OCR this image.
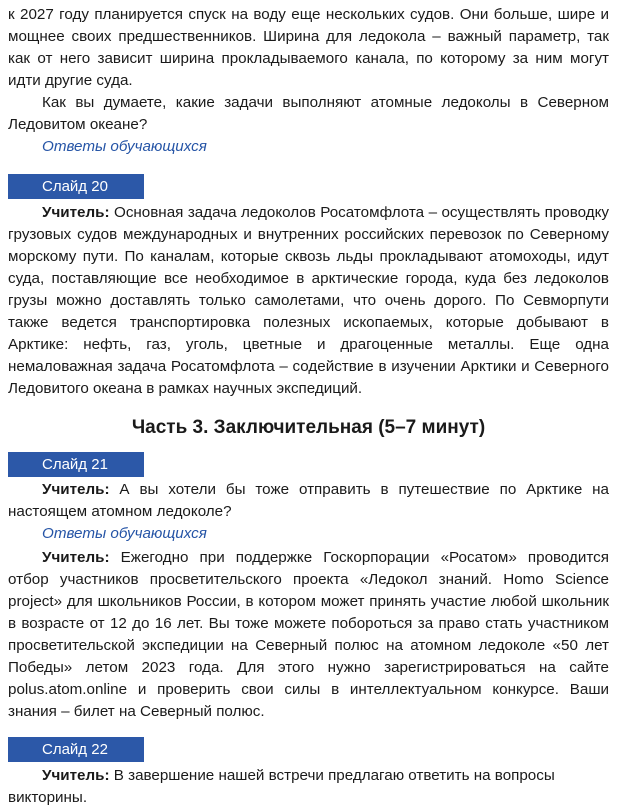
к 2027 году планируется спуск на воду еще нескольких судов. Они больше, шире и мощнее своих предшественников. Ширина для ледокола – важный параметр, так как от него зависит ширина прокладываемого канала, по которому за ним могут идти другие суда.

Как вы думаете, какие задачи выполняют атомные ледоколы в Северном Ледовитом океане?

Ответы обучающихся

Слайд 20

Учитель: Основная задача ледоколов Росатомфлота – осуществлять проводку грузовых судов международных и внутренних российских перевозок по Северному морскому пути. По каналам, которые сквозь льды прокладывают атомоходы, идут суда, поставляющие все необходимое в арктические города, куда без ледоколов грузы можно доставлять только самолетами, что очень дорого. По Севморпути также ведется транспортировка полезных ископаемых, которые добывают в Арктике: нефть, газ, уголь, цветные и драгоценные металлы. Еще одна немаловажная задача Росатомфлота – содействие в изучении Арктики и Северного Ледовитого океана в рамках научных экспедиций.

Часть 3. Заключительная (5–7 минут)
Слайд 21

Учитель: А вы хотели бы тоже отправить в путешествие по Арктике на настоящем атомном ледоколе?

Ответы обучающихся

Учитель: Ежегодно при поддержке Госкорпорации «Росатом» проводится отбор участников просветительского проекта «Ледокол знаний. Homo Science project» для школьников России, в котором может принять участие любой школьник в возрасте от 12 до 16 лет. Вы тоже можете побороться за право стать участником просветительской экспедиции на Северный полюс на атомном ледоколе «50 лет Победы» летом 2023 года. Для этого нужно зарегистрироваться на сайте polus.atom.online и проверить свои силы в интеллектуальном конкурсе. Ваши знания – билет на Северный полюс.

Слайд 22

Учитель: В завершение нашей встречи предлагаю ответить на вопросы викторины.
